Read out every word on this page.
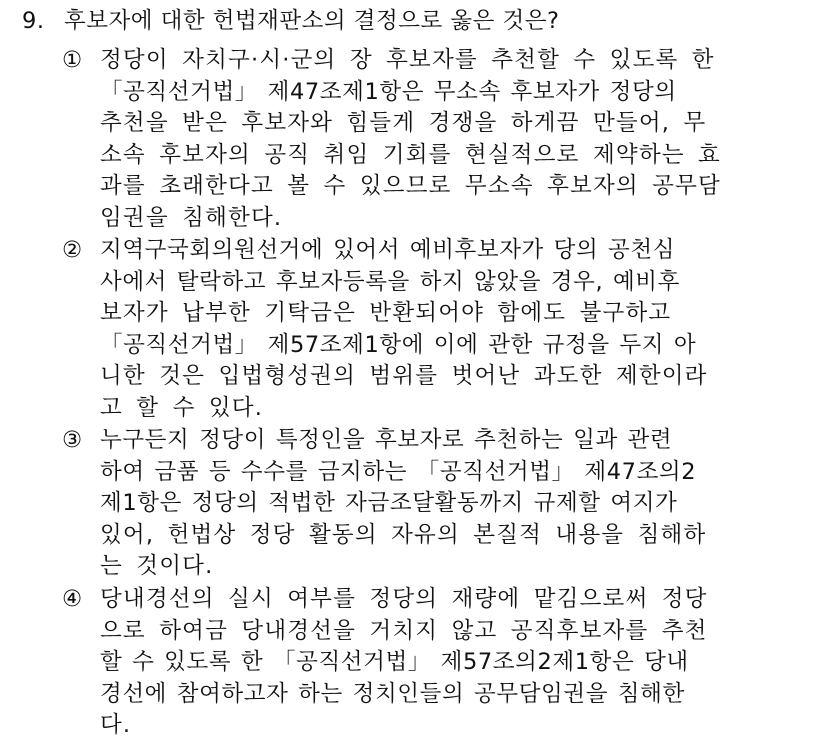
9. 후보자에 대한 헌법재판소의 결정으로 옳은 것은?
① 정당이 자치구·시·군의 장 후보자를 추천할 수 있도록 한
「공직선거법」 제47조제1항은 무소속 후보자가 정당의
추천을 받은 후보자와 힘들게 경쟁을 하게끔 만들어, 무
소속 후보자의 공직 취임 기회를 현실적으로 제약하는 효
과를 초래한다고 볼 수 있으므로 무소속 후보자의 공무담
임권을 침해한다.
② 지역구국회의원선거에 있어서 예비후보자가 당의 공천심
사에서 탈락하고 후보자등록을 하지 않았을 경우, 예비후
보자가 납부한 기탁금은 반환되어야 함에도 불구하고
「공직선거법」 제57조제1항에 이에 관한 규정을 두지 아
니한 것은 입법형성권의 범위를 벗어난 과도한 제한이라
고 할 수 있다.
③ 누구든지 정당이 특정인을 후보자로 추천하는 일과 관련
하여 금품 등 수수를 금지하는 「공직선거법」 제47조의2
제1항은 정당의 적법한 자금조달활동까지 규제할 여지가
있어, 헌법상 정당 활동의 자유의 본질적 내용을 침해하
는 것이다.
④ 당내경선의 실시 여부를 정당의 재량에 맡김으로써 정당
으로 하여금 당내경선을 거치지 않고 공직후보자를 추천
할 수 있도록 한 「공직선거법」 제57조의2제1항은 당내
경선에 참여하고자 하는 정치인들의 공무담임권을 침해한
다.
